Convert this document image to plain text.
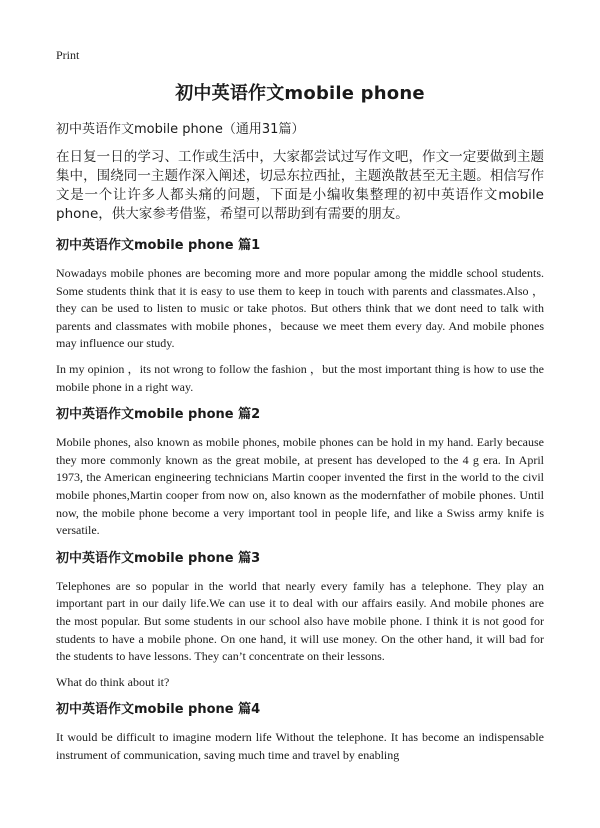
Print
初中英语作文mobile phone
初中英语作文mobile phone（通用31篇）
在日复一日的学习、工作或生活中，大家都尝试过写作文吧，作文一定要做到主题集中，围绕同一主题作深入阐述，切忌东拉西扯，主题涣散甚至无主题。相信写作文是一个让许多人都头痛的问题，下面是小编收集整理的初中英语作文mobile phone，供大家参考借鉴，希望可以帮助到有需要的朋友。
初中英语作文mobile phone 篇1
Nowadays mobile phones are becoming more and more popular among the middle school students. Some students think that it is easy to use them to keep in touch with parents and classmates.Also ， they can be used to listen to music or take photos. But others think that we dont need to talk with parents and classmates with mobile phones，because we meet them every day. And mobile phones may influence our study.
In my opinion ，its not wrong to follow the fashion ，but the most important thing is how to use the mobile phone in a right way.
初中英语作文mobile phone 篇2
Mobile phones, also known as mobile phones, mobile phones can be hold in my hand. Early because they more commonly known as the great mobile, at present has developed to the 4 g era. In April 1973, the American engineering technicians Martin cooper invented the first in the world to the civil mobile phones,Martin cooper from now on, also known as the modernfather of mobile phones. Until now, the mobile phone become a very important tool in people life, and like a Swiss army knife is versatile.
初中英语作文mobile phone 篇3
Telephones are so popular in the world that nearly every family has a telephone. They play an important part in our daily life.We can use it to deal with our affairs easily. And mobile phones are the most popular. But some students in our school also have mobile phone. I think it is not good for students to have a mobile phone. On one hand, it will use money. On the other hand, it will bad for the students to have lessons. They can’t concentrate on their lessons.
What do think about it?
初中英语作文mobile phone 篇4
It would be difficult to imagine modern life Without the telephone. It has become an indispensable instrument of communication, saving much time and travel by enabling
